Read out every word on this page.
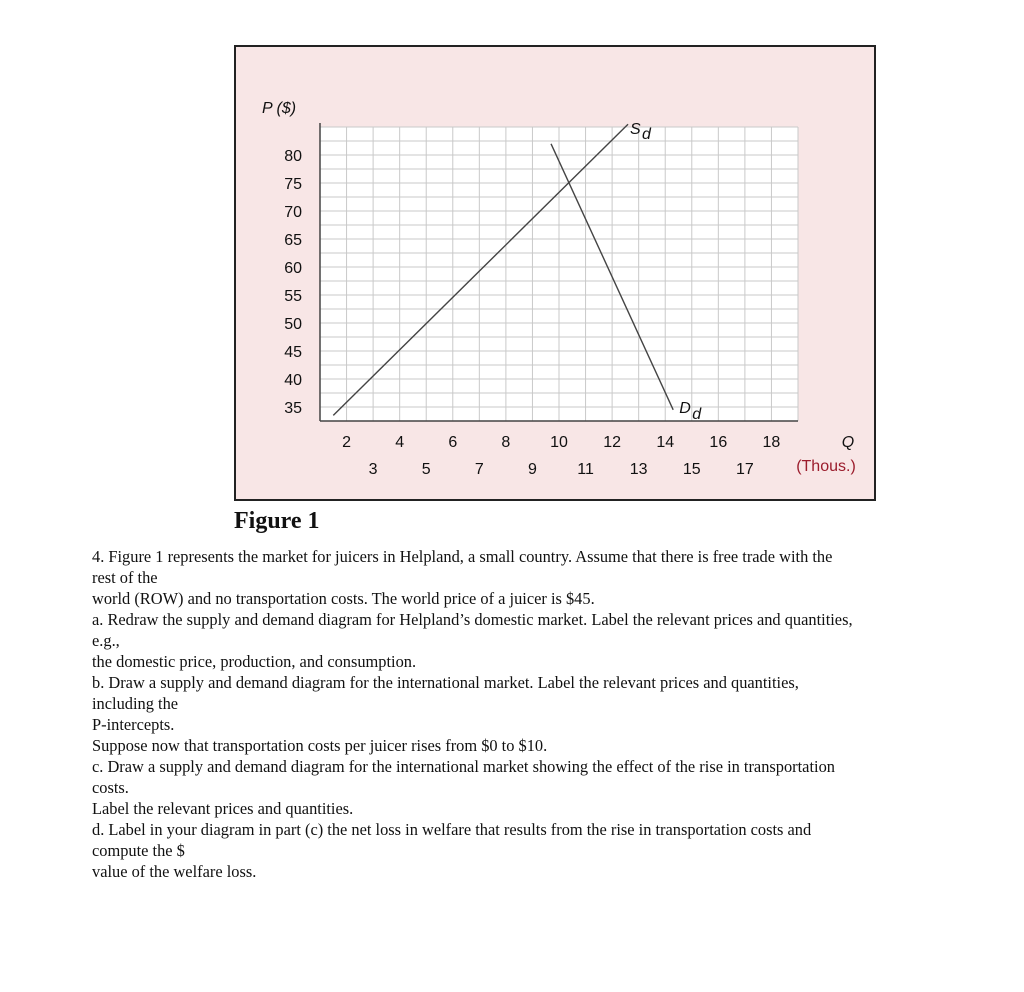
80
75
70
65
60
55
50
45
40
35
2	4	6	8 10 12 14 16 18
3	5	7	9	11 13 15 17
S d
D d
P ($)
Q
(Thous.)
Figure 1
4. Figure 1 represents the market for juicers in Helpland, a small country. Assume that there is free trade with the
rest of the
world (ROW) and no transportation costs. The world price of a juicer is $45.
a. Redraw the supply and demand diagram for Helpland’s domestic market. Label the relevant prices and quantities,
e.g.,
the domestic price, production, and consumption.
b. Draw a supply and demand diagram for the international market. Label the relevant prices and quantities,
including the
P-intercepts.
Suppose now that transportation costs per juicer rises from $0 to $10.
c. Draw a supply and demand diagram for the international market showing the effect of the rise in transportation
costs.
Label the relevant prices and quantities.
d. Label in your diagram in part (c) the net loss in welfare that results from the rise in transportation costs and
compute the $
value of the welfare loss.
